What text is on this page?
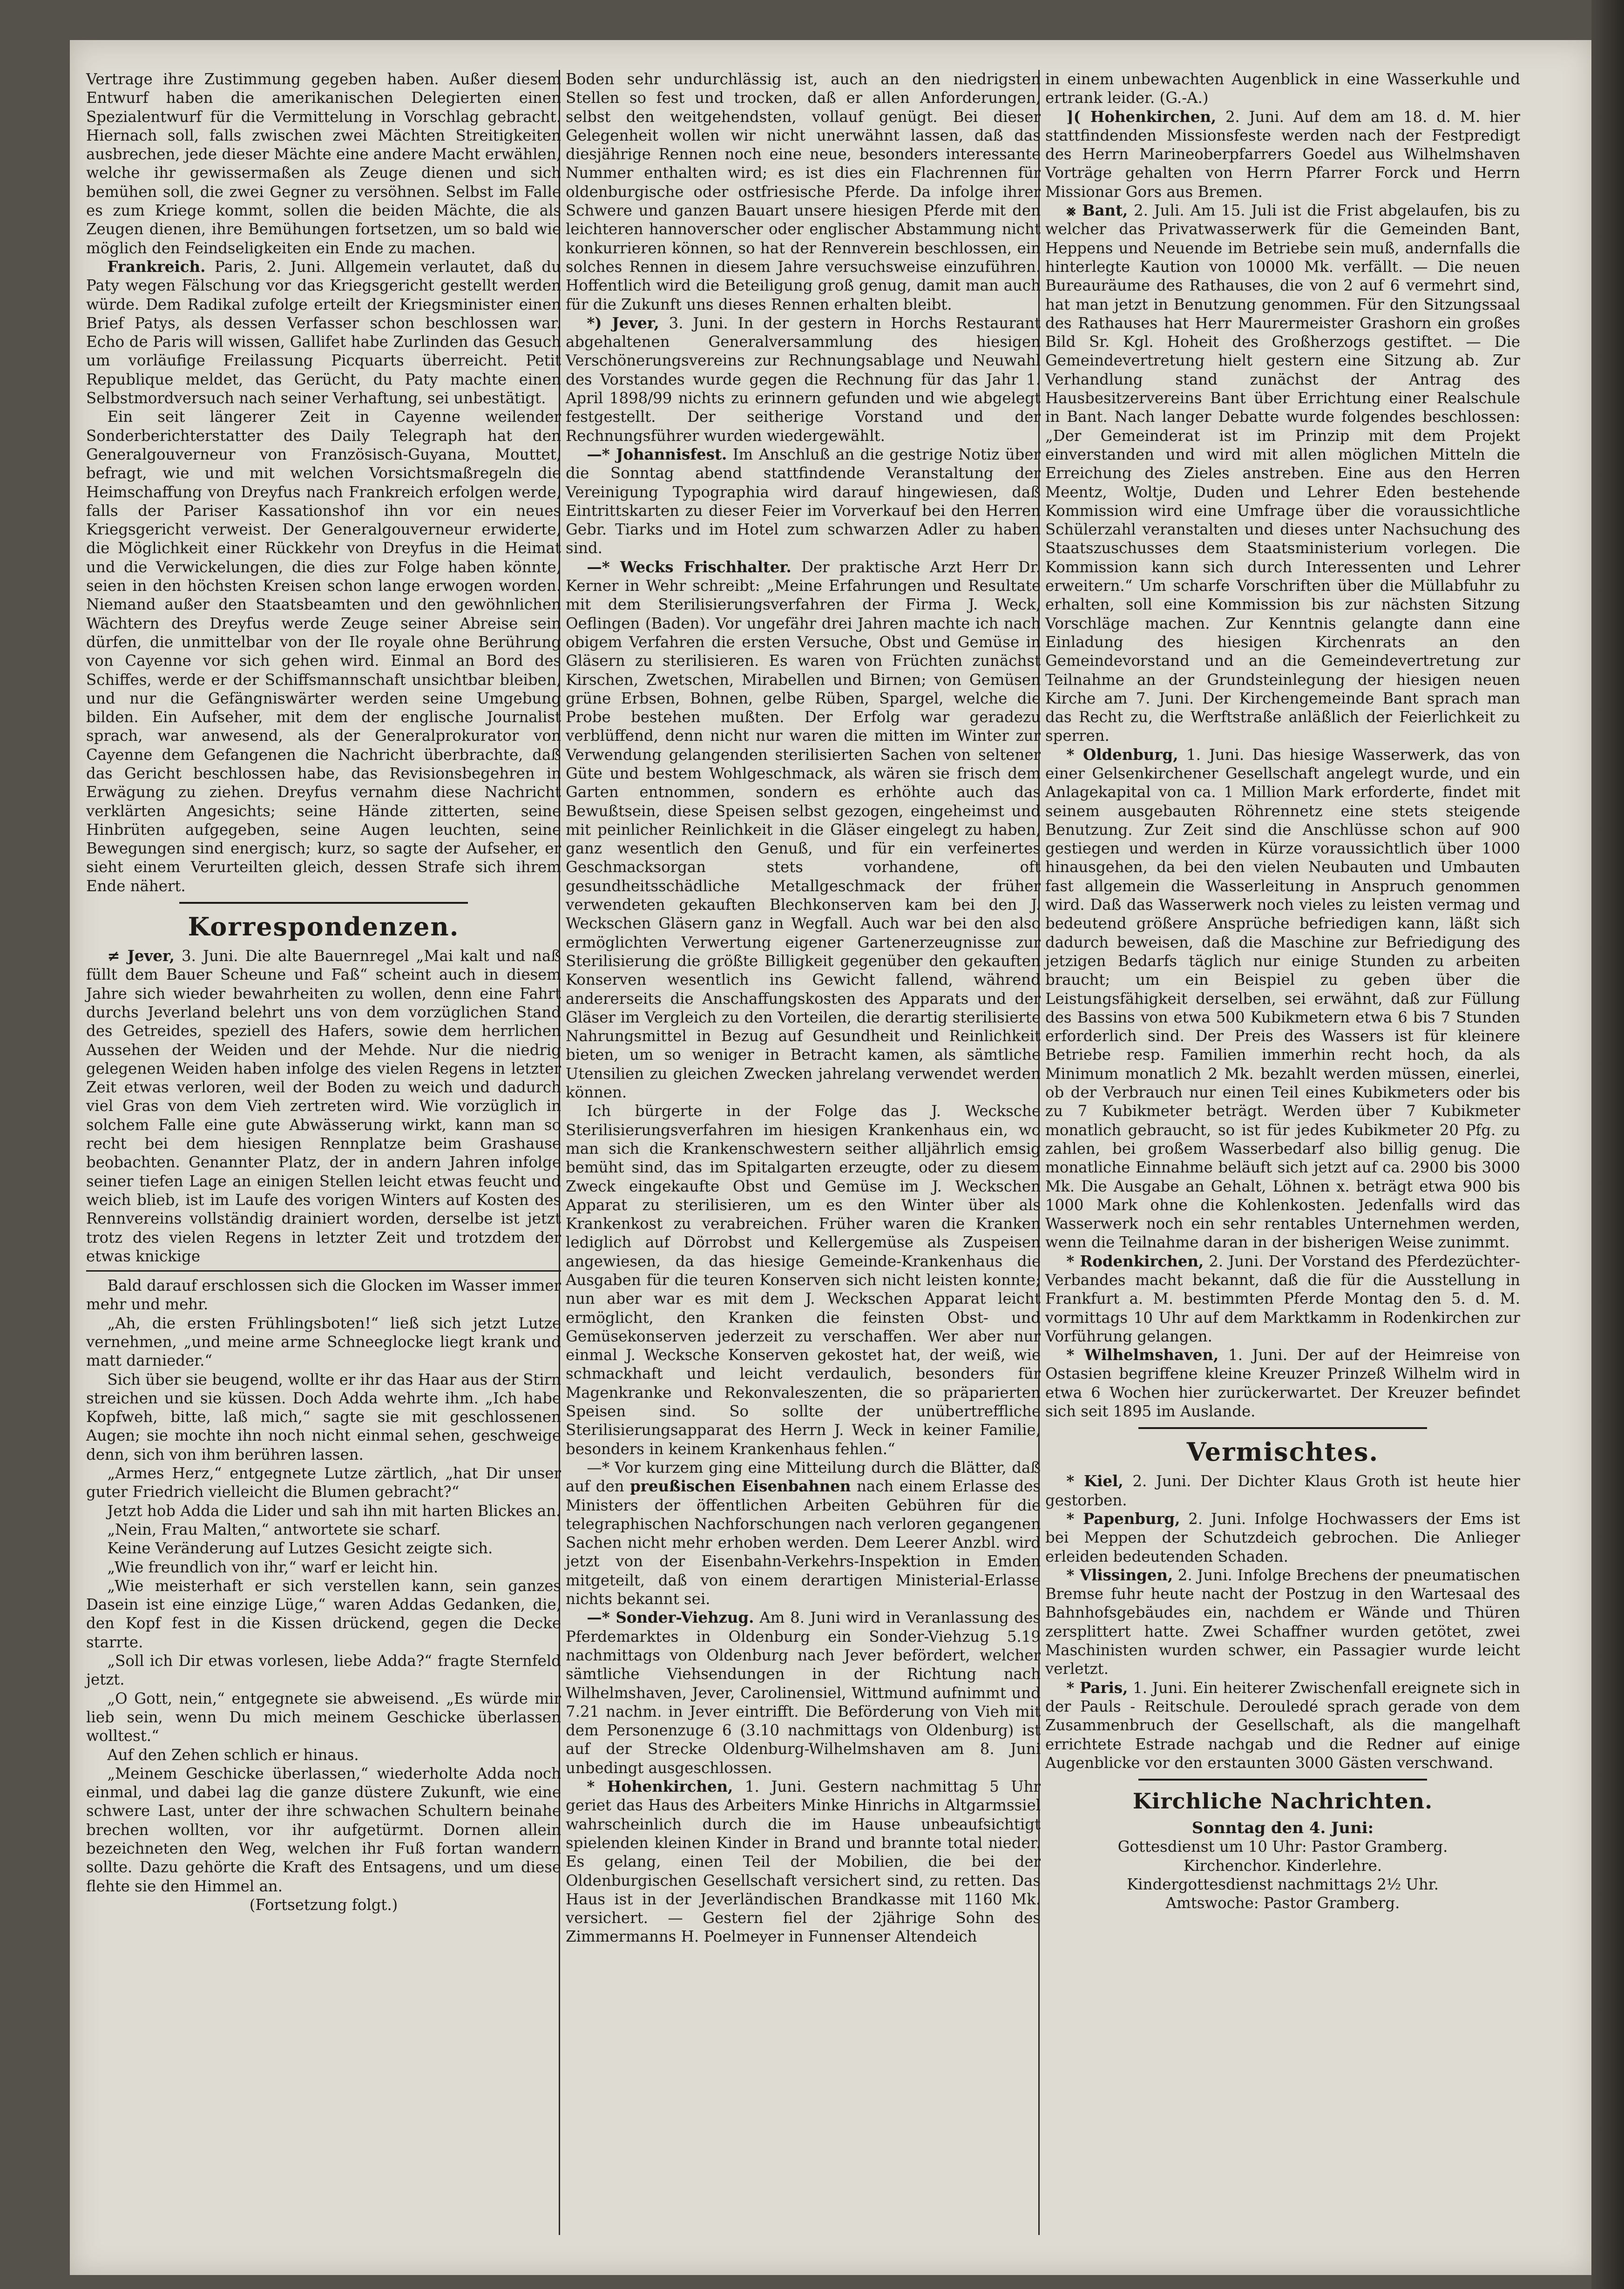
Vertrage ihre Zustimmung gegeben haben. Außer diesem Entwurf haben die amerikanischen Delegierten einen Spezialentwurf für die Vermittelung in Vorschlag gebracht. Hiernach soll, falls zwischen zwei Mächten Streitigkeiten ausbrechen, jede dieser Mächte eine andere Macht erwählen, welche ihr gewissermaßen als Zeuge dienen und sich bemühen soll, die zwei Gegner zu versöhnen. Selbst im Falle es zum Kriege kommt, sollen die beiden Mächte, die als Zeugen dienen, ihre Bemühungen fortsetzen, um so bald wie möglich den Feindseligkeiten ein Ende zu machen.

Frankreich. Paris, 2. Juni. Allgemein verlautet, daß du Paty wegen Fälschung vor das Kriegsgericht gestellt werden würde. Dem Radikal zufolge erteilt der Kriegsminister einen Brief Patys, als dessen Verfasser schon beschlossen war. Echo de Paris will wissen, Gallifet habe Zurlinden das Gesuch um vorläufige Freilassung Picquarts überreicht. Petit Republique meldet, das Gerücht, du Paty machte einen Selbstmordversuch nach seiner Verhaftung, sei unbestätigt.

Ein seit längerer Zeit in Cayenne weilender Sonderberichterstatter des Daily Telegraph hat den Generalgouverneur von Französisch-Guyana, Mouttet, befragt, wie und mit welchen Vorsichtsmaßregeln die Heimschaffung von Dreyfus nach Frankreich erfolgen werde, falls der Pariser Kassationshof ihn vor ein neues Kriegsgericht verweist. Der Generalgouverneur erwiderte, die Möglichkeit einer Rückkehr von Dreyfus in die Heimat und die Verwickelungen, die dies zur Folge haben könnte, seien in den höchsten Kreisen schon lange erwogen worden. Niemand außer den Staatsbeamten und den gewöhnlichen Wächtern des Dreyfus werde Zeuge seiner Abreise sein dürfen, die unmittelbar von der Ile royale ohne Berührung von Cayenne vor sich gehen wird. Einmal an Bord des Schiffes, werde er der Schiffsmannschaft unsichtbar bleiben, und nur die Gefängniswärter werden seine Umgebung bilden. Ein Aufseher, mit dem der englische Journalist sprach, war anwesend, als der Generalprokurator von Cayenne dem Gefangenen die Nachricht überbrachte, daß das Gericht beschlossen habe, das Revisionsbegehren in Erwägung zu ziehen. Dreyfus vernahm diese Nachricht verklärten Angesichts; seine Hände zitterten, seine Hinbrüten aufgegeben, seine Augen leuchten, seine Bewegungen sind energisch; kurz, so sagte der Aufseher, er sieht einem Verurteilten gleich, dessen Strafe sich ihrem Ende nähert.

Korrespondenzen.

≠ Jever, 3. Juni. Die alte Bauernregel „Mai kalt und naß füllt dem Bauer Scheune und Faß“ scheint auch in diesem Jahre sich wieder bewahrheiten zu wollen, denn eine Fahrt durchs Jeverland belehrt uns von dem vorzüglichen Stand des Getreides, speziell des Hafers, sowie dem herrlichen Aussehen der Weiden und der Mehde. Nur die niedrig gelegenen Weiden haben infolge des vielen Regens in letzter Zeit etwas verloren, weil der Boden zu weich und dadurch viel Gras von dem Vieh zertreten wird. Wie vorzüglich in solchem Falle eine gute Abwässerung wirkt, kann man so recht bei dem hiesigen Rennplatze beim Grashause beobachten. Genannter Platz, der in andern Jahren infolge seiner tiefen Lage an einigen Stellen leicht etwas feucht und weich blieb, ist im Laufe des vorigen Winters auf Kosten des Rennvereins vollständig drainiert worden, derselbe ist jetzt trotz des vielen Regens in letzter Zeit und trotzdem der etwas knickige

Bald darauf erschlossen sich die Glocken im Wasser immer mehr und mehr.

„Ah, die ersten Frühlingsboten!“ ließ sich jetzt Lutze vernehmen, „und meine arme Schneeglocke liegt krank und matt darnieder.“

Sich über sie beugend, wollte er ihr das Haar aus der Stirn streichen und sie küssen. Doch Adda wehrte ihm. „Ich habe Kopfweh, bitte, laß mich,“ sagte sie mit geschlossenen Augen; sie mochte ihn noch nicht einmal sehen, geschweige denn, sich von ihm berühren lassen.

„Armes Herz,“ entgegnete Lutze zärtlich, „hat Dir unser guter Friedrich vielleicht die Blumen gebracht?“

Jetzt hob Adda die Lider und sah ihn mit harten Blickes an.

„Nein, Frau Malten,“ antwortete sie scharf.

Keine Veränderung auf Lutzes Gesicht zeigte sich.

„Wie freundlich von ihr,“ warf er leicht hin.

„Wie meisterhaft er sich verstellen kann, sein ganzes Dasein ist eine einzige Lüge,“ waren Addas Gedanken, die, den Kopf fest in die Kissen drückend, gegen die Decke starrte.

„Soll ich Dir etwas vorlesen, liebe Adda?“ fragte Sternfeld jetzt.

„O Gott, nein,“ entgegnete sie abweisend. „Es würde mir lieb sein, wenn Du mich meinem Geschicke überlassen wolltest.“

Auf den Zehen schlich er hinaus.

„Meinem Geschicke überlassen,“ wiederholte Adda noch einmal, und dabei lag die ganze düstere Zukunft, wie eine schwere Last, unter der ihre schwachen Schultern beinahe brechen wollten, vor ihr aufgetürmt. Dornen allein bezeichneten den Weg, welchen ihr Fuß fortan wandern sollte. Dazu gehörte die Kraft des Entsagens, und um diese flehte sie den Himmel an.

(Fortsetzung folgt.)

Boden sehr undurchlässig ist, auch an den niedrigsten Stellen so fest und trocken, daß er allen Anforderungen, selbst den weitgehendsten, vollauf genügt. Bei dieser Gelegenheit wollen wir nicht unerwähnt lassen, daß das diesjährige Rennen noch eine neue, besonders interessante Nummer enthalten wird; es ist dies ein Flachrennen für oldenburgische oder ostfriesische Pferde. Da infolge ihrer Schwere und ganzen Bauart unsere hiesigen Pferde mit den leichteren hannoverscher oder englischer Abstammung nicht konkurrieren können, so hat der Rennverein beschlossen, ein solches Rennen in diesem Jahre versuchsweise einzuführen. Hoffentlich wird die Beteiligung groß genug, damit man auch für die Zukunft uns dieses Rennen erhalten bleibt.

*) Jever, 3. Juni. In der gestern in Horchs Restaurant abgehaltenen Generalversammlung des hiesigen Verschönerungsvereins zur Rechnungsablage und Neuwahl des Vorstandes wurde gegen die Rechnung für das Jahr 1. April 1898/99 nichts zu erinnern gefunden und wie abgelegt festgestellt. Der seitherige Vorstand und der Rechnungsführer wurden wiedergewählt.

—* Johannisfest. Im Anschluß an die gestrige Notiz über die Sonntag abend stattfindende Veranstaltung der Vereinigung Typographia wird darauf hingewiesen, daß Eintrittskarten zu dieser Feier im Vorverkauf bei den Herren Gebr. Tiarks und im Hotel zum schwarzen Adler zu haben sind.

—* Wecks Frischhalter. Der praktische Arzt Herr Dr. Kerner in Wehr schreibt: „Meine Erfahrungen und Resultate mit dem Sterilisierungsverfahren der Firma J. Weck, Oeflingen (Baden). Vor ungefähr drei Jahren machte ich nach obigem Verfahren die ersten Versuche, Obst und Gemüse in Gläsern zu sterilisieren. Es waren von Früchten zunächst Kirschen, Zwetschen, Mirabellen und Birnen; von Gemüsen grüne Erbsen, Bohnen, gelbe Rüben, Spargel, welche die Probe bestehen mußten. Der Erfolg war geradezu verblüffend, denn nicht nur waren die mitten im Winter zur Verwendung gelangenden sterilisierten Sachen von seltener Güte und bestem Wohlgeschmack, als wären sie frisch dem Garten entnommen, sondern es erhöhte auch das Bewußtsein, diese Speisen selbst gezogen, eingeheimst und mit peinlicher Reinlichkeit in die Gläser eingelegt zu haben, ganz wesentlich den Genuß, und für ein verfeinertes Geschmacksorgan stets vorhandene, oft gesundheitsschädliche Metallgeschmack der früher verwendeten gekauften Blechkonserven kam bei den J. Weckschen Gläsern ganz in Wegfall. Auch war bei den also ermöglichten Verwertung eigener Gartenerzeugnisse zur Sterilisierung die größte Billigkeit gegenüber den gekauften Konserven wesentlich ins Gewicht fallend, während andererseits die Anschaffungskosten des Apparats und der Gläser im Vergleich zu den Vorteilen, die derartig sterilisierte Nahrungsmittel in Bezug auf Gesundheit und Reinlichkeit bieten, um so weniger in Betracht kamen, als sämtliche Utensilien zu gleichen Zwecken jahrelang verwendet werden können.

Ich bürgerte in der Folge das J. Wecksche Sterilisierungsverfahren im hiesigen Krankenhaus ein, wo man sich die Krankenschwestern seither alljährlich emsig bemüht sind, das im Spitalgarten erzeugte, oder zu diesem Zweck eingekaufte Obst und Gemüse im J. Weckschen Apparat zu sterilisieren, um es den Winter über als Krankenkost zu verabreichen. Früher waren die Kranken lediglich auf Dörrobst und Kellergemüse als Zuspeisen angewiesen, da das hiesige Gemeinde-Krankenhaus die Ausgaben für die teuren Konserven sich nicht leisten konnte; nun aber war es mit dem J. Weckschen Apparat leicht ermöglicht, den Kranken die feinsten Obst- und Gemüsekonserven jederzeit zu verschaffen. Wer aber nur einmal J. Wecksche Konserven gekostet hat, der weiß, wie schmackhaft und leicht verdaulich, besonders für Magenkranke und Rekonvaleszenten, die so präparierten Speisen sind. So sollte der unübertreffliche Sterilisierungsapparat des Herrn J. Weck in keiner Familie, besonders in keinem Krankenhaus fehlen.“

—* Vor kurzem ging eine Mitteilung durch die Blätter, daß auf den preußischen Eisenbahnen nach einem Erlasse des Ministers der öffentlichen Arbeiten Gebühren für die telegraphischen Nachforschungen nach verloren gegangenen Sachen nicht mehr erhoben werden. Dem Leerer Anzbl. wird jetzt von der Eisenbahn-Verkehrs-Inspektion in Emden mitgeteilt, daß von einem derartigen Ministerial-Erlasse nichts bekannt sei.

—* Sonder-Viehzug. Am 8. Juni wird in Veranlassung des Pferdemarktes in Oldenburg ein Sonder-Viehzug 5.19 nachmittags von Oldenburg nach Jever befördert, welcher sämtliche Viehsendungen in der Richtung nach Wilhelmshaven, Jever, Carolinensiel, Wittmund aufnimmt und 7.21 nachm. in Jever eintrifft. Die Beförderung von Vieh mit dem Personenzuge 6 (3.10 nachmittags von Oldenburg) ist auf der Strecke Oldenburg-Wilhelmshaven am 8. Juni unbedingt ausgeschlossen.

* Hohenkirchen, 1. Juni. Gestern nachmittag 5 Uhr geriet das Haus des Arbeiters Minke Hinrichs in Altgarmssiel wahrscheinlich durch die im Hause unbeaufsichtigt spielenden kleinen Kinder in Brand und brannte total nieder. Es gelang, einen Teil der Mobilien, die bei der Oldenburgischen Gesellschaft versichert sind, zu retten. Das Haus ist in der Jeverländischen Brandkasse mit 1160 Mk. versichert. — Gestern fiel der 2jährige Sohn des Zimmermanns H. Poelmeyer in Funnenser Altendeich

in einem unbewachten Augenblick in eine Wasserkuhle und ertrank leider. (G.-A.)

]( Hohenkirchen, 2. Juni. Auf dem am 18. d. M. hier stattfindenden Missionsfeste werden nach der Festpredigt des Herrn Marineoberpfarrers Goedel aus Wilhelmshaven Vorträge gehalten von Herrn Pfarrer Forck und Herrn Missionar Gors aus Bremen.

⨳ Bant, 2. Juli. Am 15. Juli ist die Frist abgelaufen, bis zu welcher das Privatwasserwerk für die Gemeinden Bant, Heppens und Neuende im Betriebe sein muß, andernfalls die hinterlegte Kaution von 10000 Mk. verfällt. — Die neuen Bureauräume des Rathauses, die von 2 auf 6 vermehrt sind, hat man jetzt in Benutzung genommen. Für den Sitzungssaal des Rathauses hat Herr Maurermeister Grashorn ein großes Bild Sr. Kgl. Hoheit des Großherzogs gestiftet. — Die Gemeindevertretung hielt gestern eine Sitzung ab. Zur Verhandlung stand zunächst der Antrag des Hausbesitzervereins Bant über Errichtung einer Realschule in Bant. Nach langer Debatte wurde folgendes beschlossen: „Der Gemeinderat ist im Prinzip mit dem Projekt einverstanden und wird mit allen möglichen Mitteln die Erreichung des Zieles anstreben. Eine aus den Herren Meentz, Woltje, Duden und Lehrer Eden bestehende Kommission wird eine Umfrage über die voraussichtliche Schülerzahl veranstalten und dieses unter Nachsuchung des Staatszuschusses dem Staatsministerium vorlegen. Die Kommission kann sich durch Interessenten und Lehrer erweitern.“ Um scharfe Vorschriften über die Müllabfuhr zu erhalten, soll eine Kommission bis zur nächsten Sitzung Vorschläge machen. Zur Kenntnis gelangte dann eine Einladung des hiesigen Kirchenrats an den Gemeindevorstand und an die Gemeindevertretung zur Teilnahme an der Grundsteinlegung der hiesigen neuen Kirche am 7. Juni. Der Kirchengemeinde Bant sprach man das Recht zu, die Werftstraße anläßlich der Feierlichkeit zu sperren.

* Oldenburg, 1. Juni. Das hiesige Wasserwerk, das von einer Gelsenkirchener Gesellschaft angelegt wurde, und ein Anlagekapital von ca. 1 Million Mark erforderte, findet mit seinem ausgebauten Röhrennetz eine stets steigende Benutzung. Zur Zeit sind die Anschlüsse schon auf 900 gestiegen und werden in Kürze voraussichtlich über 1000 hinausgehen, da bei den vielen Neubauten und Umbauten fast allgemein die Wasserleitung in Anspruch genommen wird. Daß das Wasserwerk noch vieles zu leisten vermag und bedeutend größere Ansprüche befriedigen kann, läßt sich dadurch beweisen, daß die Maschine zur Befriedigung des jetzigen Bedarfs täglich nur einige Stunden zu arbeiten braucht; um ein Beispiel zu geben über die Leistungsfähigkeit derselben, sei erwähnt, daß zur Füllung des Bassins von etwa 500 Kubikmetern etwa 6 bis 7 Stunden erforderlich sind. Der Preis des Wassers ist für kleinere Betriebe resp. Familien immerhin recht hoch, da als Minimum monatlich 2 Mk. bezahlt werden müssen, einerlei, ob der Verbrauch nur einen Teil eines Kubikmeters oder bis zu 7 Kubikmeter beträgt. Werden über 7 Kubikmeter monatlich gebraucht, so ist für jedes Kubikmeter 20 Pfg. zu zahlen, bei großem Wasserbedarf also billig genug. Die monatliche Einnahme beläuft sich jetzt auf ca. 2900 bis 3000 Mk. Die Ausgabe an Gehalt, Löhnen x. beträgt etwa 900 bis 1000 Mark ohne die Kohlenkosten. Jedenfalls wird das Wasserwerk noch ein sehr rentables Unternehmen werden, wenn die Teilnahme daran in der bisherigen Weise zunimmt.

* Rodenkirchen, 2. Juni. Der Vorstand des Pferdezüchter-Verbandes macht bekannt, daß die für die Ausstellung in Frankfurt a. M. bestimmten Pferde Montag den 5. d. M. vormittags 10 Uhr auf dem Marktkamm in Rodenkirchen zur Vorführung gelangen.

* Wilhelmshaven, 1. Juni. Der auf der Heimreise von Ostasien begriffene kleine Kreuzer Prinzeß Wilhelm wird in etwa 6 Wochen hier zurückerwartet. Der Kreuzer befindet sich seit 1895 im Auslande.

Vermischtes.

* Kiel, 2. Juni. Der Dichter Klaus Groth ist heute hier gestorben.

* Papenburg, 2. Juni. Infolge Hochwassers der Ems ist bei Meppen der Schutzdeich gebrochen. Die Anlieger erleiden bedeutenden Schaden.

* Vlissingen, 2. Juni. Infolge Brechens der pneumatischen Bremse fuhr heute nacht der Postzug in den Wartesaal des Bahnhofsgebäudes ein, nachdem er Wände und Thüren zersplittert hatte. Zwei Schaffner wurden getötet, zwei Maschinisten wurden schwer, ein Passagier wurde leicht verletzt.

* Paris, 1. Juni. Ein heiterer Zwischenfall ereignete sich in der Pauls - Reitschule. Derouledé sprach gerade von dem Zusammenbruch der Gesellschaft, als die mangelhaft errichtete Estrade nachgab und die Redner auf einige Augenblicke vor den erstaunten 3000 Gästen verschwand.

Kirchliche Nachrichten.

Sonntag den 4. Juni:

Gottesdienst um 10 Uhr: Pastor Gramberg.

Kirchenchor. Kinderlehre.

Kindergottesdienst nachmittags 2½ Uhr.

Amtswoche: Pastor Gramberg.
